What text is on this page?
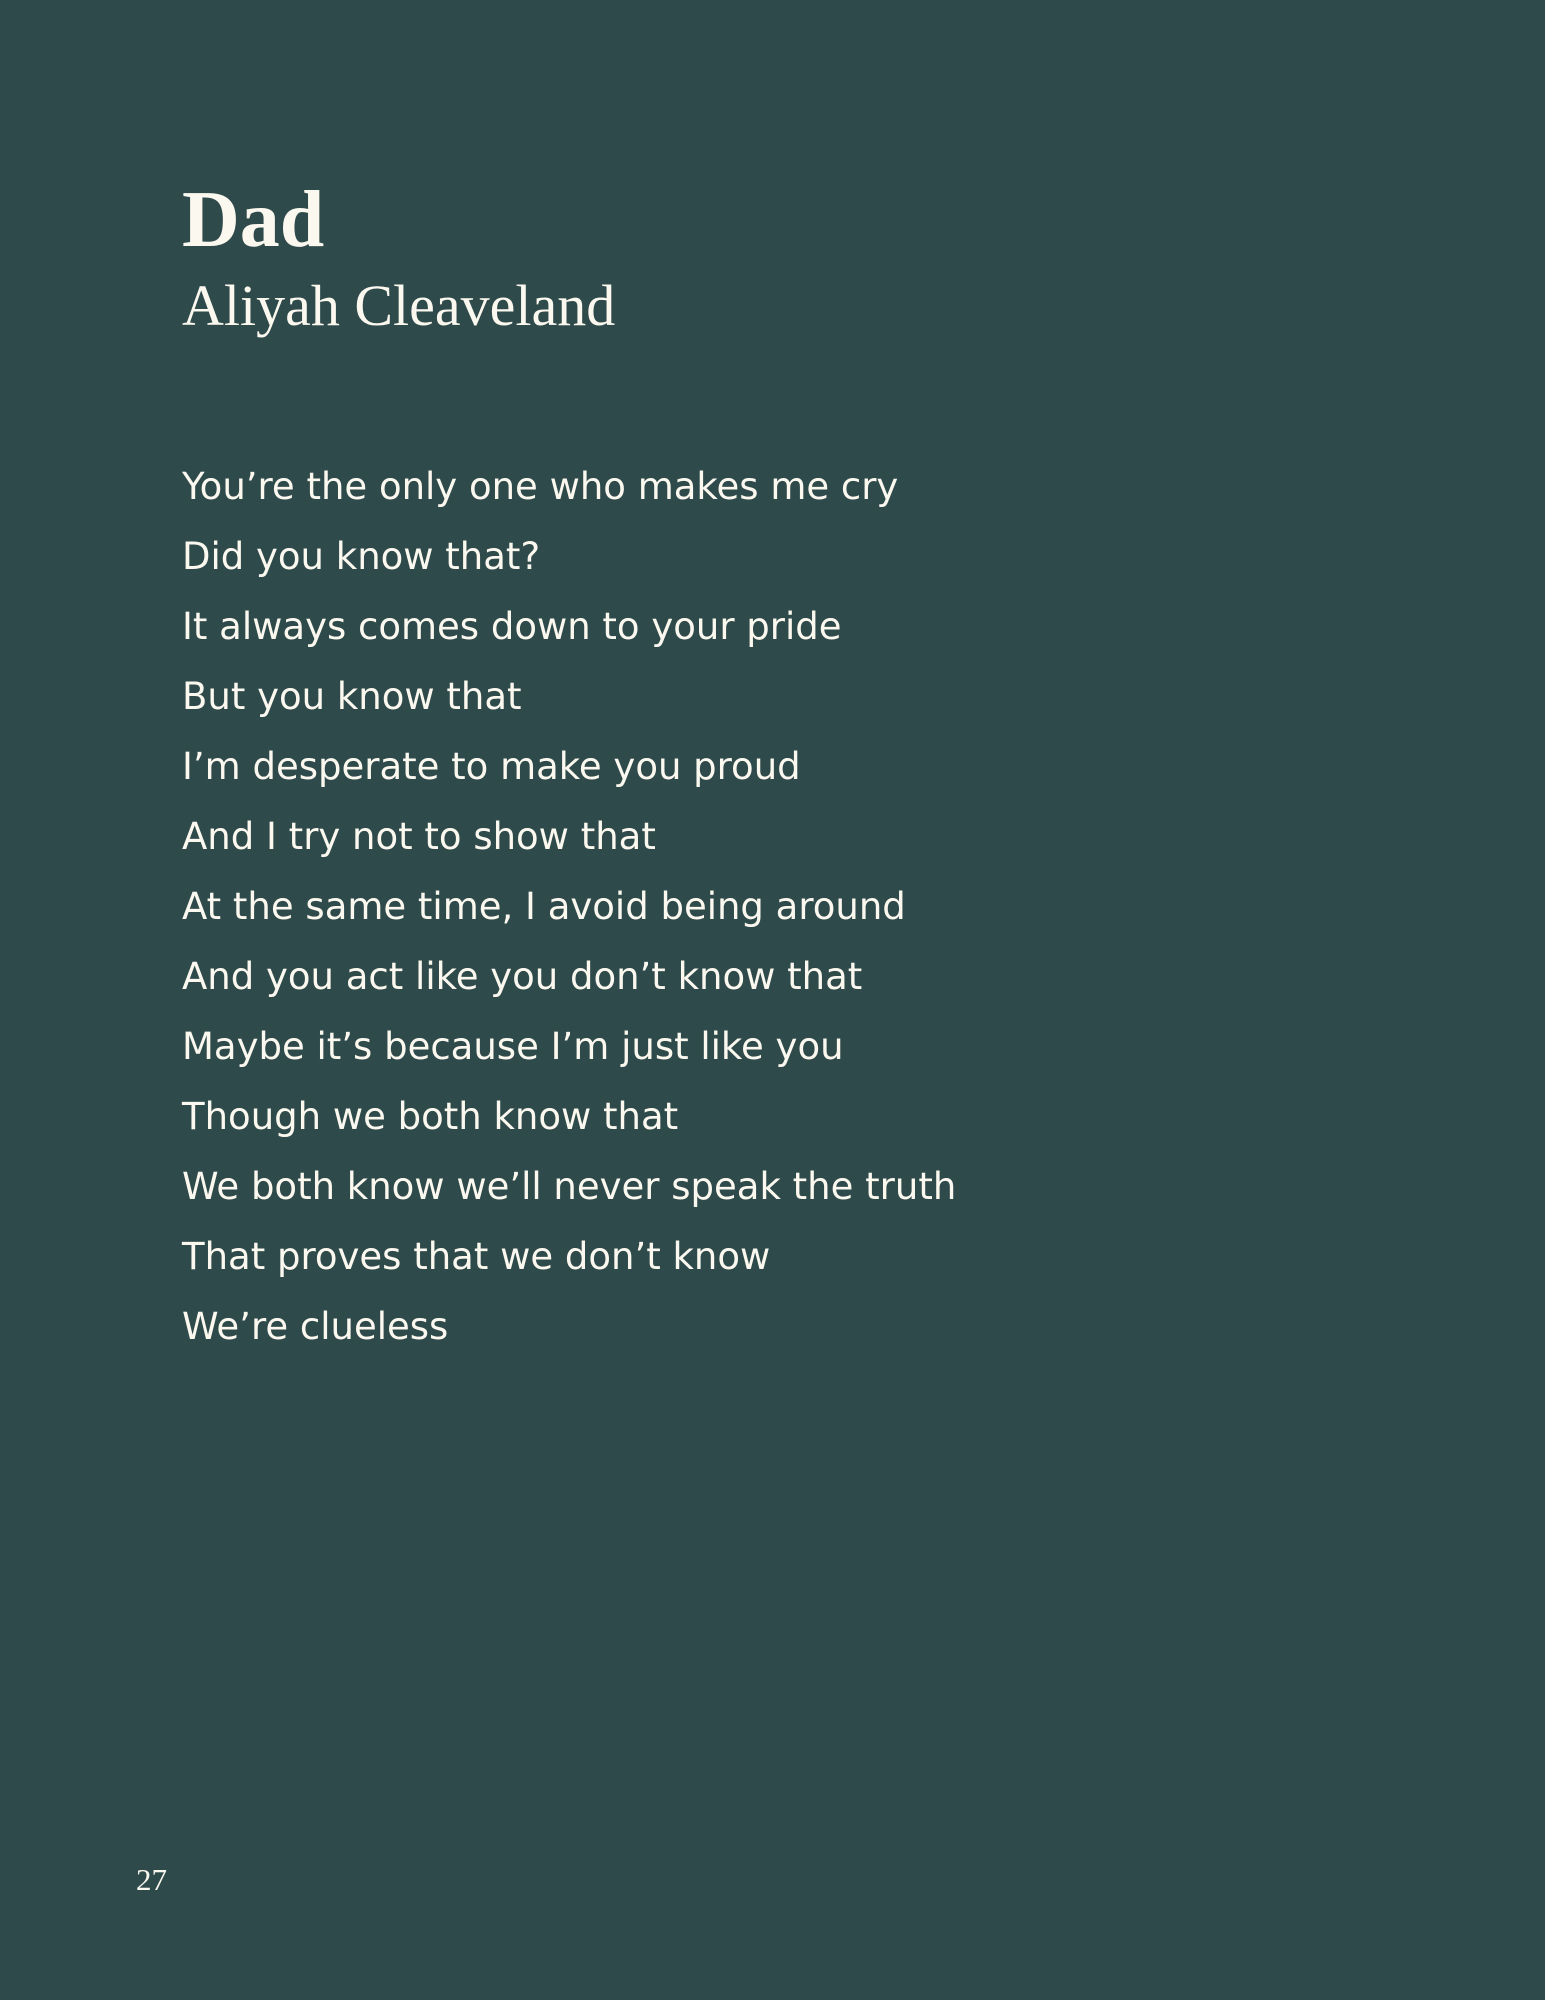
Dad
Aliyah Cleaveland
You’re the only one who makes me cry
Did you know that?
It always comes down to your pride
But you know that
I’m desperate to make you proud
And I try not to show that
At the same time, I avoid being around
And you act like you don’t know that
Maybe it’s because I’m just like you
Though we both know that
We both know we’ll never speak the truth
That proves that we don’t know
We’re clueless
27
